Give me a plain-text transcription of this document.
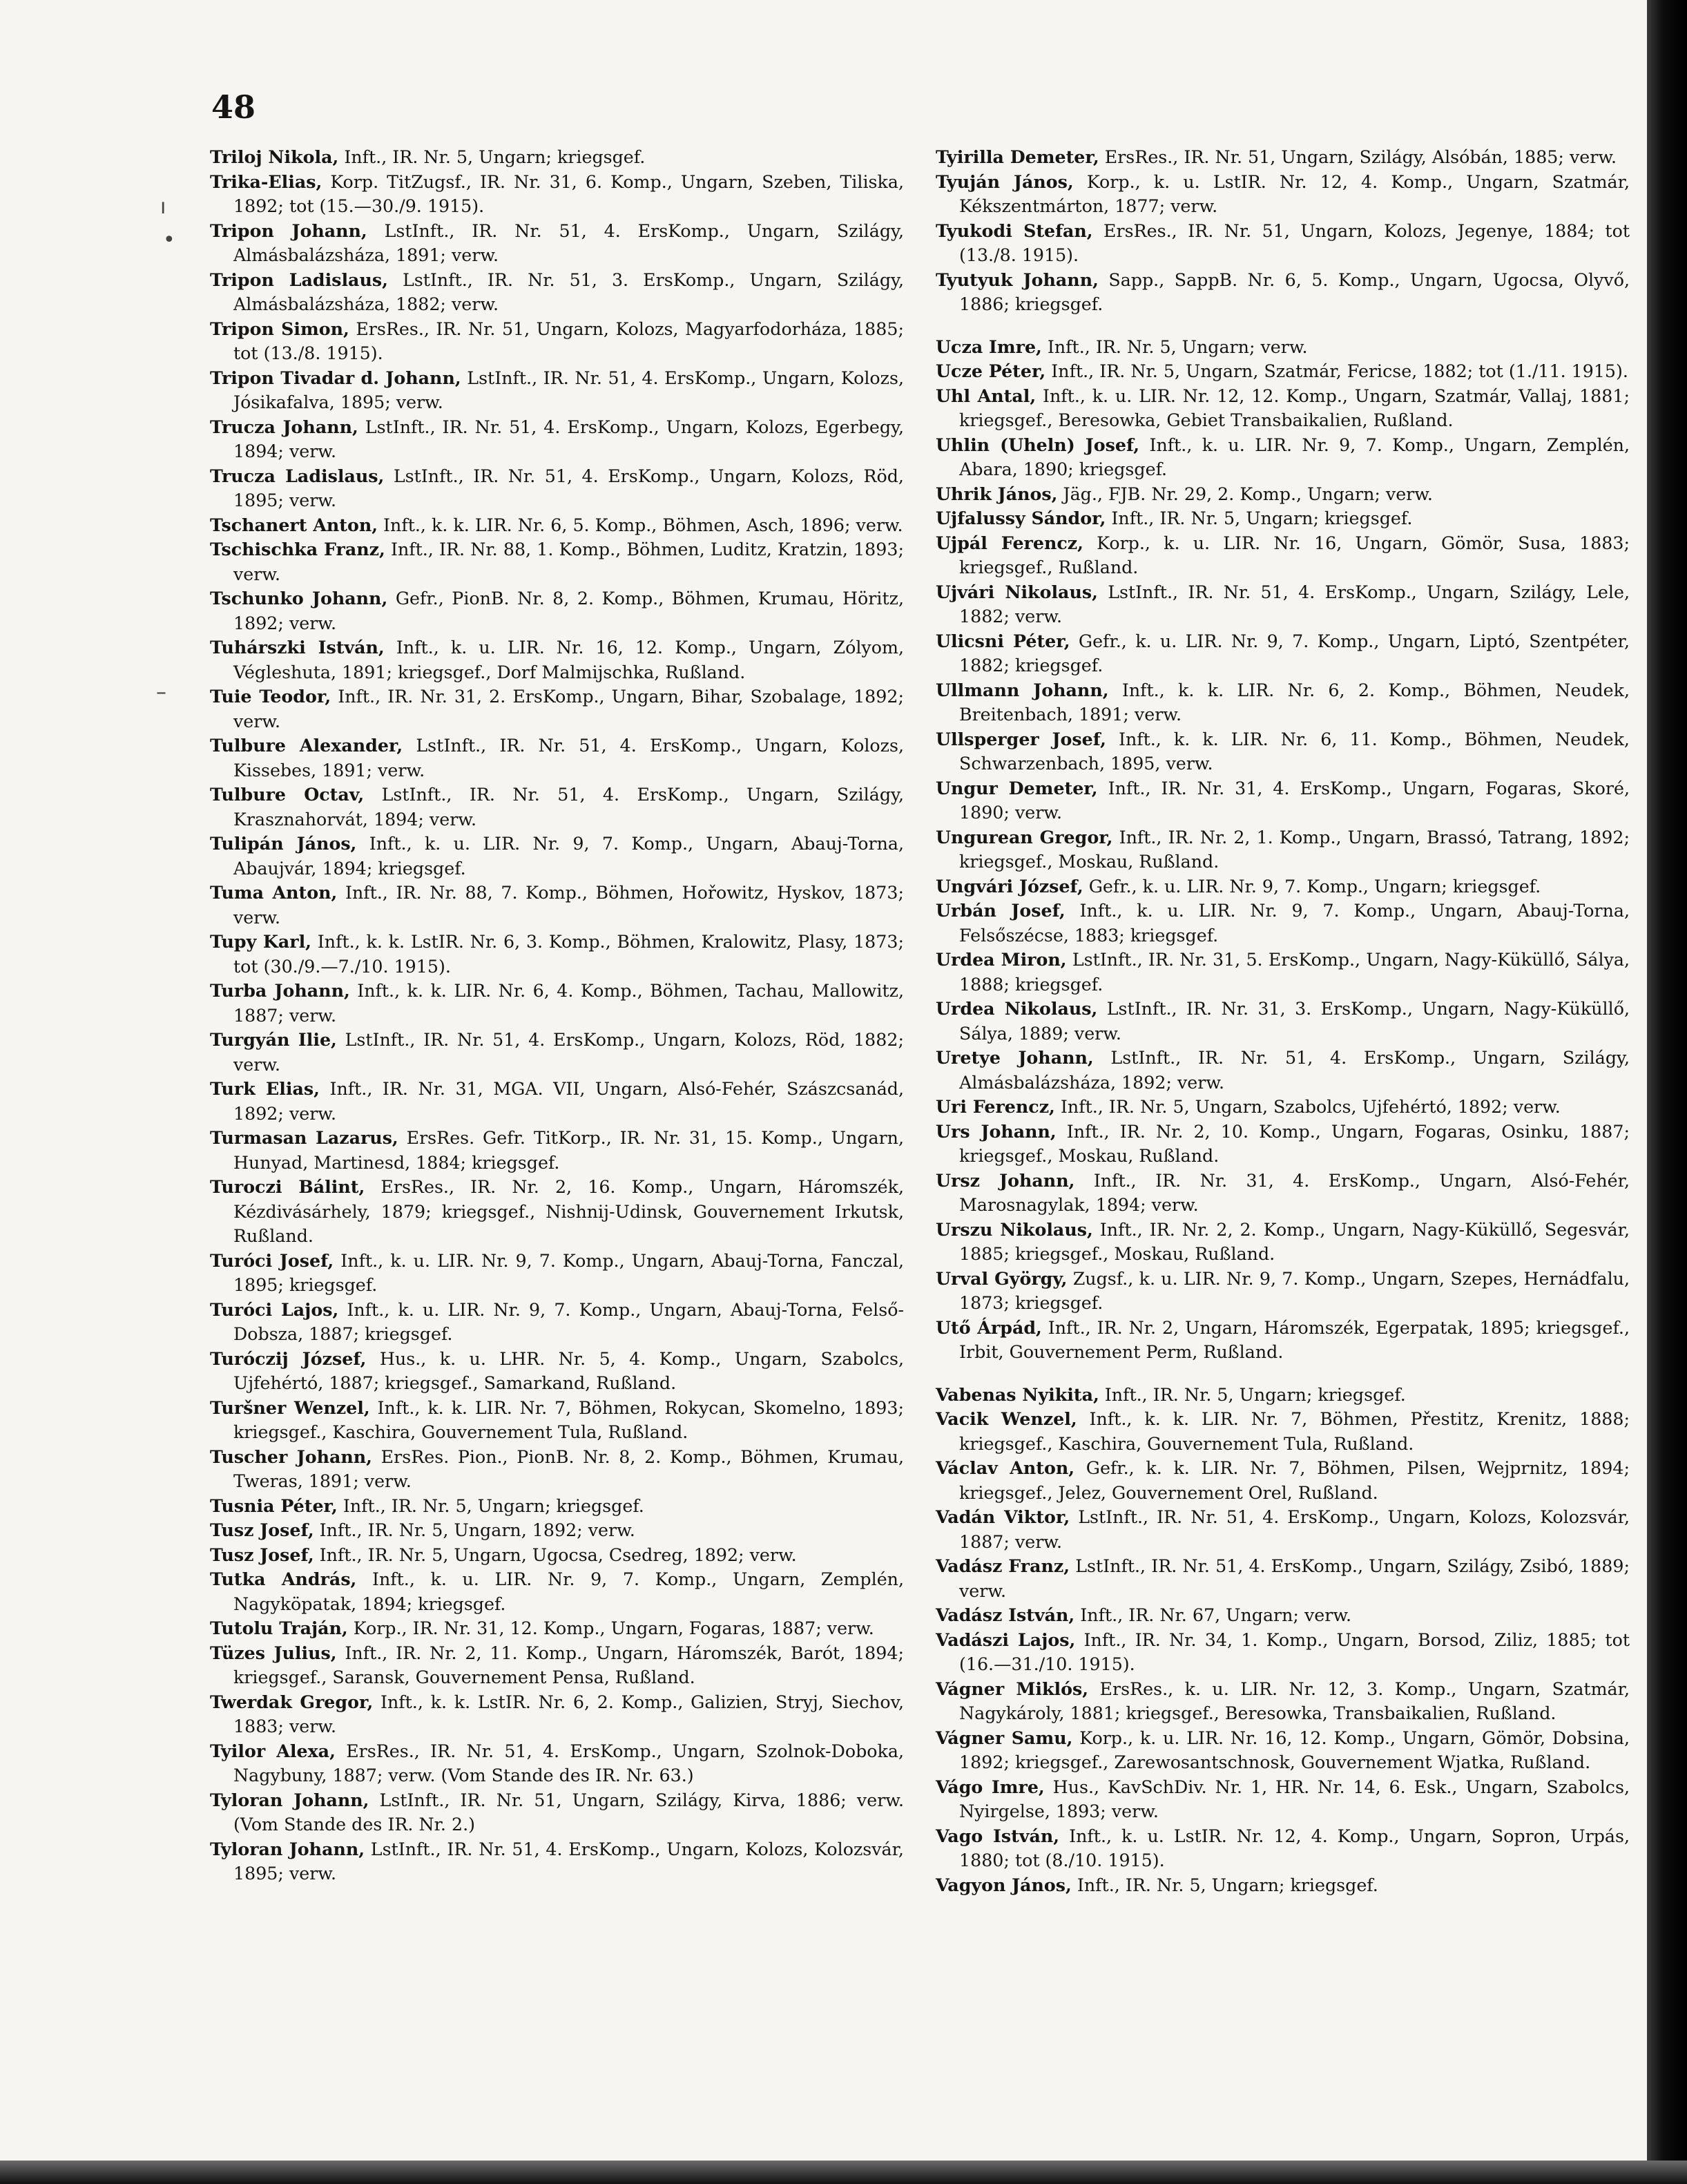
48
Triloj Nikola, Inft., IR. Nr. 5, Ungarn; kriegsgef.
Trika-Elias, Korp. TitZugsf., IR. Nr. 31, 6. Komp., Ungarn, Szeben, Tiliska, 1892; tot (15.—30./9. 1915).
Tripon Johann, LstInft., IR. Nr. 51, 4. ErsKomp., Ungarn, Szilágy, Almásbalázsháza, 1891; verw.
Tripon Ladislaus, LstInft., IR. Nr. 51, 3. ErsKomp., Ungarn, Szilágy, Almásbalázsháza, 1882; verw.
Tripon Simon, ErsRes., IR. Nr. 51, Ungarn, Kolozs, Magyarfodorháza, 1885; tot (13./8. 1915).
Tripon Tivadar d. Johann, LstInft., IR. Nr. 51, 4. ErsKomp., Ungarn, Kolozs, Jósikafalva, 1895; verw.
Trucza Johann, LstInft., IR. Nr. 51, 4. ErsKomp., Ungarn, Kolozs, Egerbegy, 1894; verw.
Trucza Ladislaus, LstInft., IR. Nr. 51, 4. ErsKomp., Ungarn, Kolozs, Röd, 1895; verw.
Tschanert Anton, Inft., k. k. LIR. Nr. 6, 5. Komp., Böhmen, Asch, 1896; verw.
Tschischka Franz, Inft., IR. Nr. 88, 1. Komp., Böhmen, Luditz, Kratzin, 1893; verw.
Tschunko Johann, Gefr., PionB. Nr. 8, 2. Komp., Böhmen, Krumau, Höritz, 1892; verw.
Tuhárszki István, Inft., k. u. LIR. Nr. 16, 12. Komp., Ungarn, Zólyom, Végleshuta, 1891; kriegsgef., Dorf Malmijschka, Rußland.
Tuie Teodor, Inft., IR. Nr. 31, 2. ErsKomp., Ungarn, Bihar, Szobalage, 1892; verw.
Tulbure Alexander, LstInft., IR. Nr. 51, 4. ErsKomp., Ungarn, Kolozs, Kissebes, 1891; verw.
Tulbure Octav, LstInft., IR. Nr. 51, 4. ErsKomp., Ungarn, Szilágy, Krasznahorvát, 1894; verw.
Tulipán János, Inft., k. u. LIR. Nr. 9, 7. Komp., Ungarn, Abauj-Torna, Abaujvár, 1894; kriegsgef.
Tuma Anton, Inft., IR. Nr. 88, 7. Komp., Böhmen, Hořowitz, Hyskov, 1873; verw.
Tupy Karl, Inft., k. k. LstIR. Nr. 6, 3. Komp., Böhmen, Kralowitz, Plasy, 1873; tot (30./9.—7./10. 1915).
Turba Johann, Inft., k. k. LIR. Nr. 6, 4. Komp., Böhmen, Tachau, Mallowitz, 1887; verw.
Turgyán Ilie, LstInft., IR. Nr. 51, 4. ErsKomp., Ungarn, Kolozs, Röd, 1882; verw.
Turk Elias, Inft., IR. Nr. 31, MGA. VII, Ungarn, Alsó-Fehér, Szászcsanád, 1892; verw.
Turmasan Lazarus, ErsRes. Gefr. TitKorp., IR. Nr. 31, 15. Komp., Ungarn, Hunyad, Martinesd, 1884; kriegsgef.
Turoczi Bálint, ErsRes., IR. Nr. 2, 16. Komp., Ungarn, Háromszék, Kézdivásárhely, 1879; kriegsgef., Nishnij-Udinsk, Gouvernement Irkutsk, Rußland.
Turóci Josef, Inft., k. u. LIR. Nr. 9, 7. Komp., Ungarn, Abauj-Torna, Fanczal, 1895; kriegsgef.
Turóci Lajos, Inft., k. u. LIR. Nr. 9, 7. Komp., Ungarn, Abauj-Torna, Felső-Dobsza, 1887; kriegsgef.
Turóczij József, Hus., k. u. LHR. Nr. 5, 4. Komp., Ungarn, Szabolcs, Ujfehértó, 1887; kriegsgef., Samarkand, Rußland.
Turšner Wenzel, Inft., k. k. LIR. Nr. 7, Böhmen, Rokycan, Skomelno, 1893; kriegsgef., Kaschira, Gouvernement Tula, Rußland.
Tuscher Johann, ErsRes. Pion., PionB. Nr. 8, 2. Komp., Böhmen, Krumau, Tweras, 1891; verw.
Tusnia Péter, Inft., IR. Nr. 5, Ungarn; kriegsgef.
Tusz Josef, Inft., IR. Nr. 5, Ungarn, 1892; verw.
Tusz Josef, Inft., IR. Nr. 5, Ungarn, Ugocsa, Csedreg, 1892; verw.
Tutka András, Inft., k. u. LIR. Nr. 9, 7. Komp., Ungarn, Zemplén, Nagyköpatak, 1894; kriegsgef.
Tutolu Traján, Korp., IR. Nr. 31, 12. Komp., Ungarn, Fogaras, 1887; verw.
Tüzes Julius, Inft., IR. Nr. 2, 11. Komp., Ungarn, Háromszék, Barót, 1894; kriegsgef., Saransk, Gouvernement Pensa, Rußland.
Twerdak Gregor, Inft., k. k. LstIR. Nr. 6, 2. Komp., Galizien, Stryj, Siechov, 1883; verw.
Tyilor Alexa, ErsRes., IR. Nr. 51, 4. ErsKomp., Ungarn, Szolnok-Doboka, Nagybuny, 1887; verw. (Vom Stande des IR. Nr. 63.)
Tyloran Johann, LstInft., IR. Nr. 51, Ungarn, Szilágy, Kirva, 1886; verw. (Vom Stande des IR. Nr. 2.)
Tyloran Johann, LstInft., IR. Nr. 51, 4. ErsKomp., Ungarn, Kolozs, Kolozsvár, 1895; verw.
Tyirilla Demeter, ErsRes., IR. Nr. 51, Ungarn, Szilágy, Alsóbán, 1885; verw.
Tyuján János, Korp., k. u. LstIR. Nr. 12, 4. Komp., Ungarn, Szatmár, Kékszentmárton, 1877; verw.
Tyukodi Stefan, ErsRes., IR. Nr. 51, Ungarn, Kolozs, Jegenye, 1884; tot (13./8. 1915).
Tyutyuk Johann, Sapp., SappB. Nr. 6, 5. Komp., Ungarn, Ugocsa, Olyvő, 1886; kriegsgef.
Ucza Imre, Inft., IR. Nr. 5, Ungarn; verw.
Ucze Péter, Inft., IR. Nr. 5, Ungarn, Szatmár, Fericse, 1882; tot (1./11. 1915).
Uhl Antal, Inft., k. u. LIR. Nr. 12, 12. Komp., Ungarn, Szatmár, Vallaj, 1881; kriegsgef., Beresowka, Gebiet Transbaikalien, Rußland.
Uhlin (Uheln) Josef, Inft., k. u. LIR. Nr. 9, 7. Komp., Ungarn, Zemplén, Abara, 1890; kriegsgef.
Uhrik János, Jäg., FJB. Nr. 29, 2. Komp., Ungarn; verw.
Ujfalussy Sándor, Inft., IR. Nr. 5, Ungarn; kriegsgef.
Ujpál Ferencz, Korp., k. u. LIR. Nr. 16, Ungarn, Gömör, Susa, 1883; kriegsgef., Rußland.
Ujvári Nikolaus, LstInft., IR. Nr. 51, 4. ErsKomp., Ungarn, Szilágy, Lele, 1882; verw.
Ulicsni Péter, Gefr., k. u. LIR. Nr. 9, 7. Komp., Ungarn, Liptó, Szentpéter, 1882; kriegsgef.
Ullmann Johann, Inft., k. k. LIR. Nr. 6, 2. Komp., Böhmen, Neudek, Breitenbach, 1891; verw.
Ullsperger Josef, Inft., k. k. LIR. Nr. 6, 11. Komp., Böhmen, Neudek, Schwarzenbach, 1895, verw.
Ungur Demeter, Inft., IR. Nr. 31, 4. ErsKomp., Ungarn, Fogaras, Skoré, 1890; verw.
Ungurean Gregor, Inft., IR. Nr. 2, 1. Komp., Ungarn, Brassó, Tatrang, 1892; kriegsgef., Moskau, Rußland.
Ungvári József, Gefr., k. u. LIR. Nr. 9, 7. Komp., Ungarn; kriegsgef.
Urbán Josef, Inft., k. u. LIR. Nr. 9, 7. Komp., Ungarn, Abauj-Torna, Felsőszécse, 1883; kriegsgef.
Urdea Miron, LstInft., IR. Nr. 31, 5. ErsKomp., Ungarn, Nagy-Küküllő, Sálya, 1888; kriegsgef.
Urdea Nikolaus, LstInft., IR. Nr. 31, 3. ErsKomp., Ungarn, Nagy-Küküllő, Sálya, 1889; verw.
Uretye Johann, LstInft., IR. Nr. 51, 4. ErsKomp., Ungarn, Szilágy, Almásbalázsháza, 1892; verw.
Uri Ferencz, Inft., IR. Nr. 5, Ungarn, Szabolcs, Ujfehértó, 1892; verw.
Urs Johann, Inft., IR. Nr. 2, 10. Komp., Ungarn, Fogaras, Osinku, 1887; kriegsgef., Moskau, Rußland.
Ursz Johann, Inft., IR. Nr. 31, 4. ErsKomp., Ungarn, Alsó-Fehér, Marosnagylak, 1894; verw.
Urszu Nikolaus, Inft., IR. Nr. 2, 2. Komp., Ungarn, Nagy-Küküllő, Segesvár, 1885; kriegsgef., Moskau, Rußland.
Urval György, Zugsf., k. u. LIR. Nr. 9, 7. Komp., Ungarn, Szepes, Hernádfalu, 1873; kriegsgef.
Utő Árpád, Inft., IR. Nr. 2, Ungarn, Háromszék, Egerpatak, 1895; kriegsgef., Irbit, Gouvernement Perm, Rußland.
Vabenas Nyikita, Inft., IR. Nr. 5, Ungarn; kriegsgef.
Vacik Wenzel, Inft., k. k. LIR. Nr. 7, Böhmen, Přestitz, Krenitz, 1888; kriegsgef., Kaschira, Gouvernement Tula, Rußland.
Václav Anton, Gefr., k. k. LIR. Nr. 7, Böhmen, Pilsen, Wejprnitz, 1894; kriegsgef., Jelez, Gouvernement Orel, Rußland.
Vadán Viktor, LstInft., IR. Nr. 51, 4. ErsKomp., Ungarn, Kolozs, Kolozsvár, 1887; verw.
Vadász Franz, LstInft., IR. Nr. 51, 4. ErsKomp., Ungarn, Szilágy, Zsibó, 1889; verw.
Vadász István, Inft., IR. Nr. 67, Ungarn; verw.
Vadászi Lajos, Inft., IR. Nr. 34, 1. Komp., Ungarn, Borsod, Ziliz, 1885; tot (16.—31./10. 1915).
Vágner Miklós, ErsRes., k. u. LIR. Nr. 12, 3. Komp., Ungarn, Szatmár, Nagykároly, 1881; kriegsgef., Beresowka, Transbaikalien, Rußland.
Vágner Samu, Korp., k. u. LIR. Nr. 16, 12. Komp., Ungarn, Gömör, Dobsina, 1892; kriegsgef., Zarewosantschnosk, Gouvernement Wjatka, Rußland.
Vágo Imre, Hus., KavSchDiv. Nr. 1, HR. Nr. 14, 6. Esk., Ungarn, Szabolcs, Nyirgelse, 1893; verw.
Vago István, Inft., k. u. LstIR. Nr. 12, 4. Komp., Ungarn, Sopron, Urpás, 1880; tot (8./10. 1915).
Vagyon János, Inft., IR. Nr. 5, Ungarn; kriegsgef.
ı
•
–
